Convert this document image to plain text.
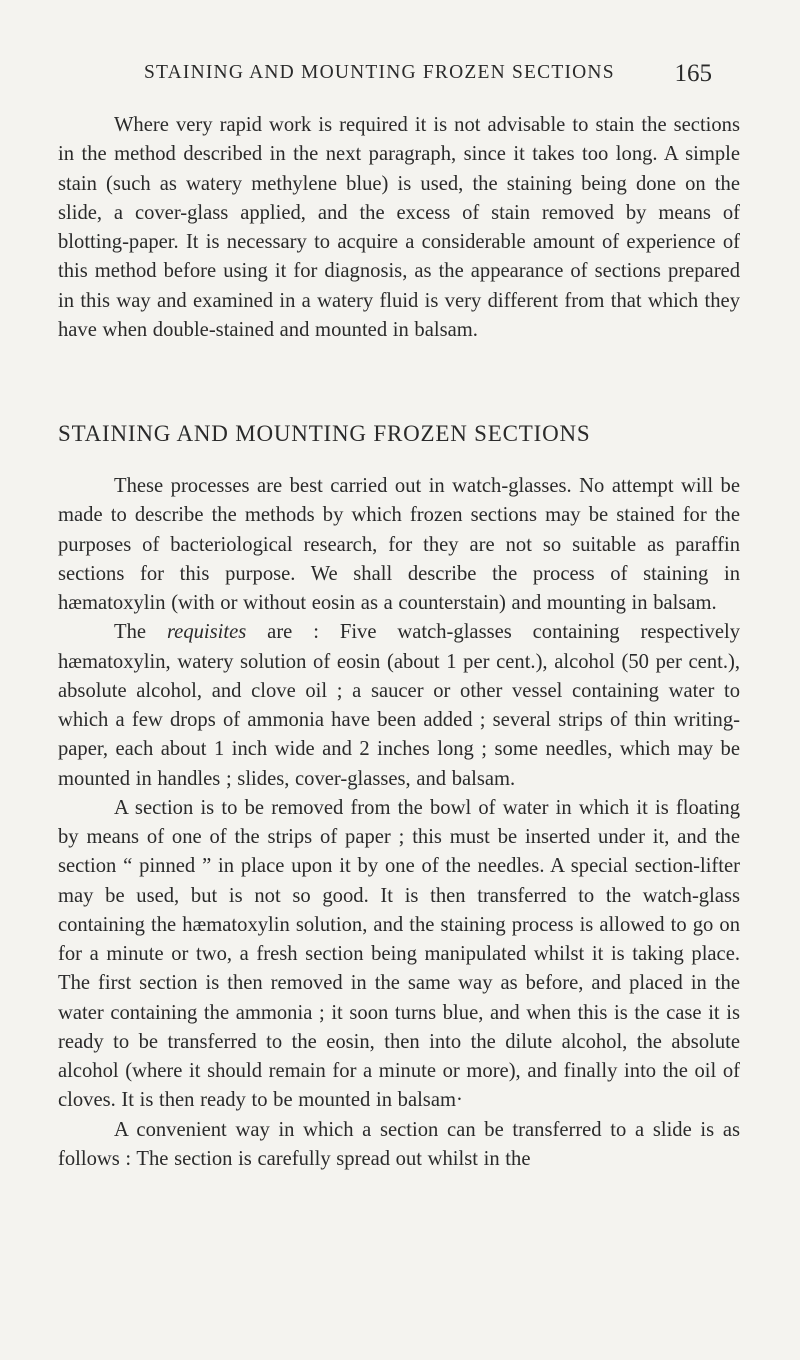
STAINING AND MOUNTING FROZEN SECTIONS 165

Where very rapid work is required it is not advisable to stain the sections in the method described in the next paragraph, since it takes too long. A simple stain (such as watery methylene blue) is used, the staining being done on the slide, a cover-glass applied, and the excess of stain removed by means of blotting-paper. It is necessary to acquire a considerable amount of experience of this method before using it for diagnosis, as the appearance of sections prepared in this way and examined in a watery fluid is very different from that which they have when double-stained and mounted in balsam.

STAINING AND MOUNTING FROZEN SECTIONS

These processes are best carried out in watch-glasses. No attempt will be made to describe the methods by which frozen sections may be stained for the purposes of bacteriological research, for they are not so suitable as paraffin sections for this purpose. We shall describe the process of staining in hæmatoxylin (with or without eosin as a counterstain) and mounting in balsam.

The requisites are : Five watch-glasses containing respectively hæmatoxylin, watery solution of eosin (about 1 per cent.), alcohol (50 per cent.), absolute alcohol, and clove oil ; a saucer or other vessel containing water to which a few drops of ammonia have been added ; several strips of thin writing-paper, each about 1 inch wide and 2 inches long ; some needles, which may be mounted in handles ; slides, cover-glasses, and balsam.

A section is to be removed from the bowl of water in which it is floating by means of one of the strips of paper ; this must be inserted under it, and the section “ pinned ” in place upon it by one of the needles. A special section-lifter may be used, but is not so good. It is then transferred to the watch-glass containing the hæmatoxylin solution, and the staining process is allowed to go on for a minute or two, a fresh section being manipulated whilst it is taking place. The first section is then removed in the same way as before, and placed in the water containing the ammonia ; it soon turns blue, and when this is the case it is ready to be transferred to the eosin, then into the dilute alcohol, the absolute alcohol (where it should remain for a minute or more), and finally into the oil of cloves. It is then ready to be mounted in balsam·

A convenient way in which a section can be transferred to a slide is as follows : The section is carefully spread out whilst in the
